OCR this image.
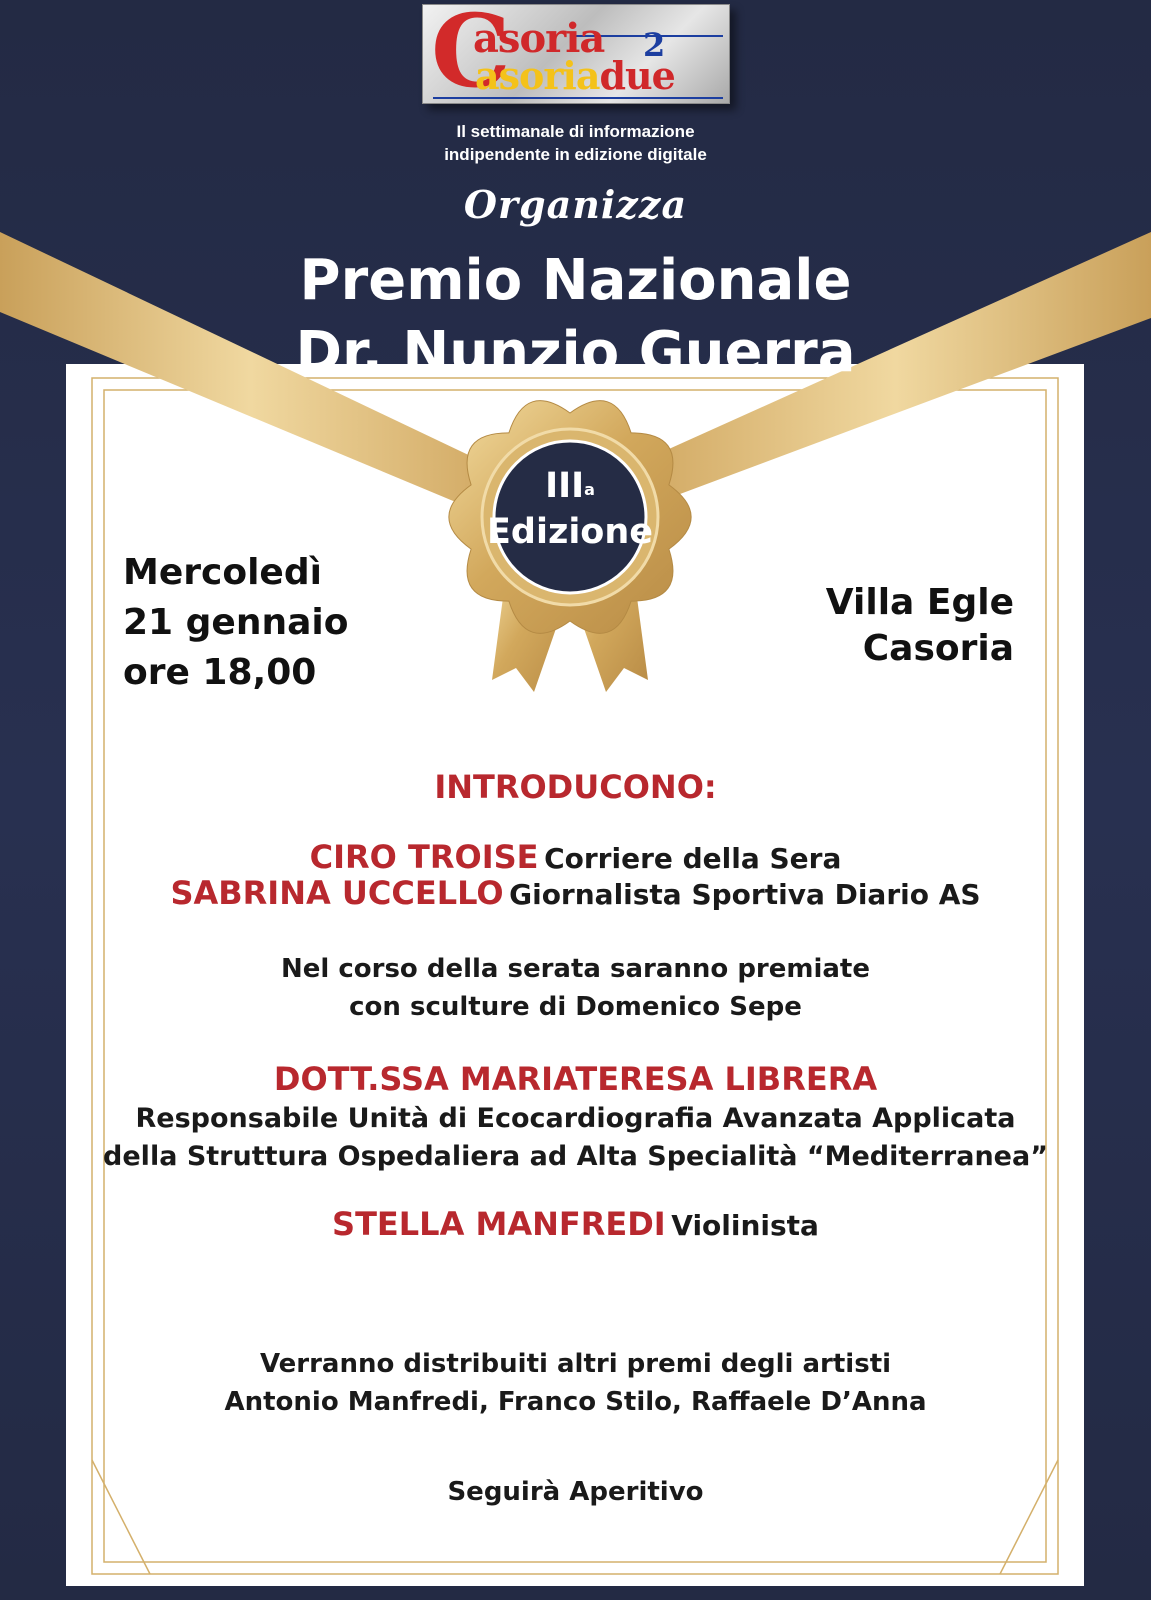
C
asoria 2
asoriadue
Il settimanale di informazione
indipendente in edizione digitale
Organizza
Premio Nazionale
Dr. Nunzio Guerra
III$^a$
Edizione
Mercoledì
21 gennaio
ore 18,00
Villa Egle
Casoria
INTRODUCONO:
CIRO TROISE Corriere della Sera
SABRINA UCCELLO Giornalista Sportiva Diario AS
Nel corso della serata saranno premiate
con sculture di Domenico Sepe
DOTT.SSA MARIATERESA LIBRERA
Responsabile Unità di Ecocardiografia Avanzata Applicata
della Struttura Ospedaliera ad Alta Specialità “Mediterranea”
STELLA MANFREDI Violinista
Verranno distribuiti altri premi degli artisti
Antonio Manfredi, Franco Stilo, Raffaele D’Anna
Seguirà Aperitivo
